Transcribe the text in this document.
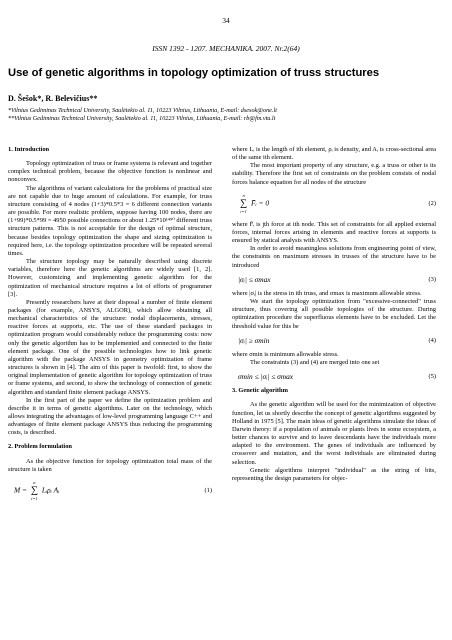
34
ISSN 1392 - 1207. MECHANIKA. 2007. Nr.2(64)
Use of genetic algorithms in topology optimization of truss structures
D. Šešok*, R. Belevičius**
*Vilnius Gediminas Technical University, Saulėtekio al. 11, 10223 Vilnius, Lithuania, E-mail: dsesok@one.lt
**Vilnius Gediminas Technical University, Saulėtekio al. 11, 10223 Vilnius, Lithuania, E-mail: rb@fm.vtu.lt
1. Introduction

Topology optimization of truss or frame systems is relevant and together complex technical problem, because the objective function is nonlinear and nonconvex.

The algorithms of variant calculations for the problems of practical size are not capable due to huge amount of calculations. For example, for truss structure consisting of 4 nodes (1+3)*0.5*3 = 6 different connection variants are possible. For more realistic problem, suppose having 100 nodes, there are (1+99)*0.5*99 = 4950 possible connections or about 1.25*10¹⁴⁹⁰ different truss structure patterns. This is not acceptable for the design of optimal structure, because besides topology optimization the shape and sizing optimization is required here, i.e. the topology optimization procedure will be repeated several times.

The structure topology may be naturally described using discrete variables, therefore here the genetic algorithms are widely used [1, 2]. However, customizing and implementing genetic algorithm for the optimization of mechanical structure requires a lot of efforts of programmer [3].

Presently researchers have at their disposal a number of finite element packages (for example, ANSYS, ALGOR), which allow obtaining all mechanical characteristics of the structure: nodal displacements, stresses, reactive forces at supports, etc. The use of these standard packages in optimization program would considerably reduce the programming costs: now only the genetic algorithm has to be implemented and connected to the finite element package. One of the possible technologies how to link genetic algorithm with the package ANSYS in geometry optimization of frame structures is shown in [4]. The aim of this paper is twofold: first, to show the original implementation of genetic algorithm for topology optimization of truss or frame systems, and second, to show the technology of connection of genetic algorithm and standard finite element package ANSYS.

In the first part of the paper we define the optimization problem and describe it in terms of genetic algorithms. Later on the technology, which allows integrating the advantages of low-level programming language C++ and advantages of finite element package ANSYS thus reducing the programming costs, is described.

2. Problem formulation

As the objective function for topology optimization total mass of the structure is taken

M =
n
∑
i=1
Lᵢρᵢ Aᵢ	(1)

where Lᵢ is the length of ith element, ρᵢ is density, and Aᵢ is cross-sectional area of the same ith element.

The most important property of any structure, e.g. a truss or other is its stability. Therefore the first set of constraints on the problem consists of nodal forces balance equation for all nodes of the structure

n
∑
i=1
F̄ᵢ = 0	(2)

where F̄ᵢ is jth force at ith node. This set of constraints for all applied external forces, internal forces arising in elements and reactive forces at supports is ensured by statical analysis with ANSYS.

In order to avoid meaningless solutions from engineering point of view, the constraints on maximum stresses in trusses of the structure have to be introduced

|σᵢ| ≤ σmax	(3)

where |σᵢ| is the stress in ith truss, and σmax is maximum allowable stress.

We start the topology optimization from "excessive-connected" truss structure, thus covering all possible topologies of the structure. During optimization procedure the superfluous elements have to be excluded. Let the threshold value for this be

|σᵢ| ≥ σmin	(4)

where σmin is minimum allowable stress.

The constraints (3) and (4) are merged into one set

σmin ≤ |σᵢ| ≤ σmax	(5)
3. Genetic algorithm

As the genetic algorithm will be used for the minimization of objective function, let us shortly describe the concept of genetic algorithms suggested by Holland in 1975 [5]. The main ideas of genetic algorithms simulate the ideas of Darwin theory: if a population of animals or plants lives in some ecosystem, a better chances to survive and to leave descendants have the individuals more adapted to the environment. The genes of individuals are influenced by crossover and mutation, and the worst individuals are eliminated during selection.

Genetic algorithms interpret "individual" as the string of bits, representing the design parameters for objec-
